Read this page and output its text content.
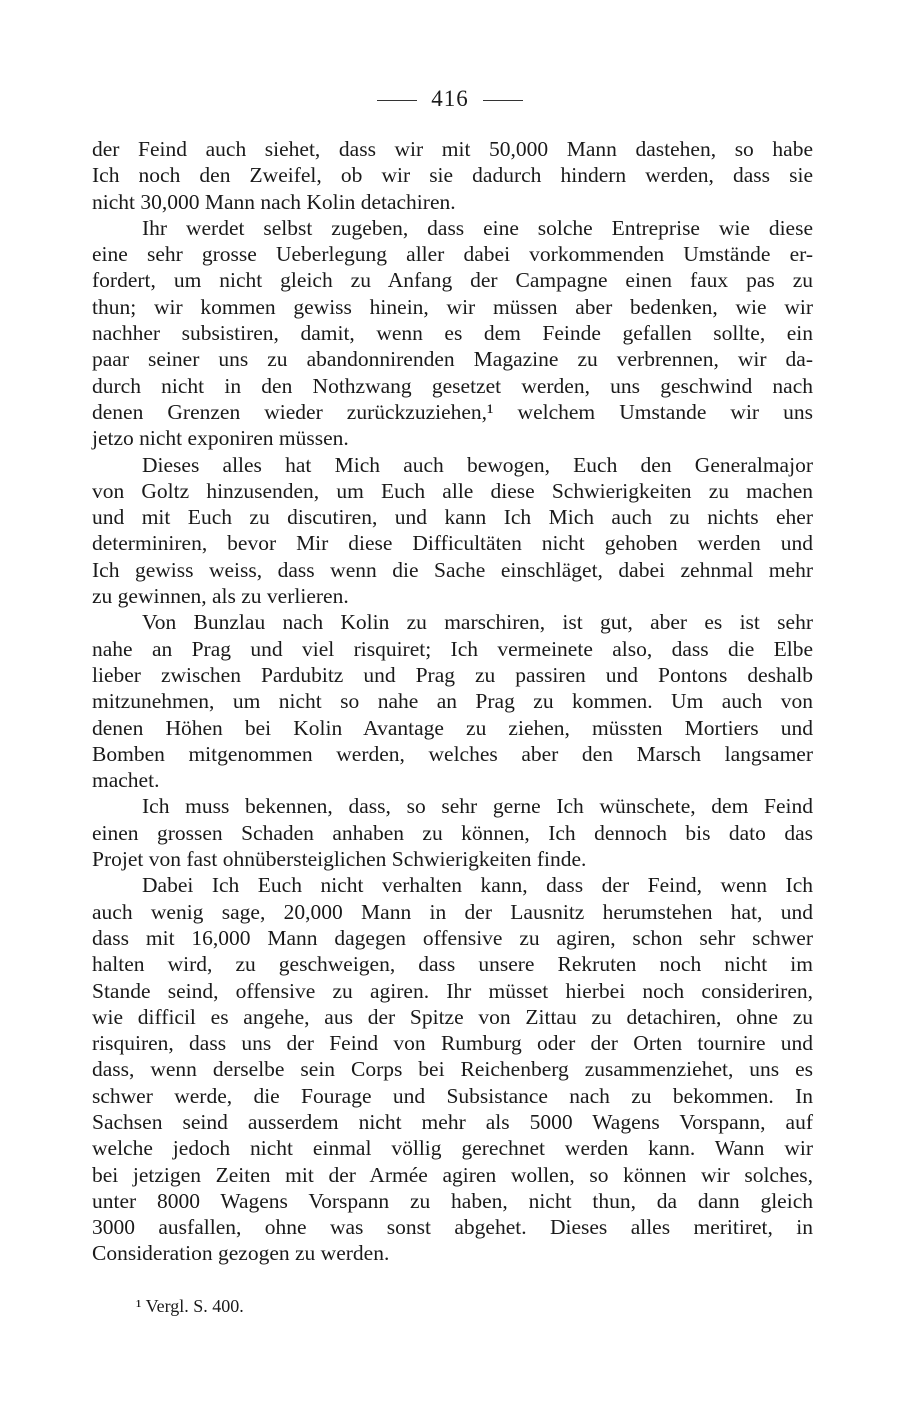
416
der Feind auch siehet, dass wir mit 50,000 Mann dastehen, so habe
Ich noch den Zweifel, ob wir sie dadurch hindern werden, dass sie
nicht 30,000 Mann nach Kolin detachiren.
Ihr werdet selbst zugeben, dass eine solche Entreprise wie diese
eine sehr grosse Ueberlegung aller dabei vorkommenden Umstände er-
fordert, um nicht gleich zu Anfang der Campagne einen faux pas zu
thun; wir kommen gewiss hinein, wir müssen aber bedenken, wie wir
nachher subsistiren, damit, wenn es dem Feinde gefallen sollte, ein
paar seiner uns zu abandonnirenden Magazine zu verbrennen, wir da-
durch nicht in den Nothzwang gesetzet werden, uns geschwind nach
denen Grenzen wieder zurückzuziehen,¹ welchem Umstande wir uns
jetzo nicht exponiren müssen.
Dieses alles hat Mich auch bewogen, Euch den Generalmajor
von Goltz hinzusenden, um Euch alle diese Schwierigkeiten zu machen
und mit Euch zu discutiren, und kann Ich Mich auch zu nichts eher
determiniren, bevor Mir diese Difficultäten nicht gehoben werden und
Ich gewiss weiss, dass wenn die Sache einschläget, dabei zehnmal mehr
zu gewinnen, als zu verlieren.
Von Bunzlau nach Kolin zu marschiren, ist gut, aber es ist sehr
nahe an Prag und viel risquiret; Ich vermeinete also, dass die Elbe
lieber zwischen Pardubitz und Prag zu passiren und Pontons deshalb
mitzunehmen, um nicht so nahe an Prag zu kommen. Um auch von
denen Höhen bei Kolin Avantage zu ziehen, müssten Mortiers und
Bomben mitgenommen werden, welches aber den Marsch langsamer
machet.
Ich muss bekennen, dass, so sehr gerne Ich wünschete, dem Feind
einen grossen Schaden anhaben zu können, Ich dennoch bis dato das
Projet von fast ohnübersteiglichen Schwierigkeiten finde.
Dabei Ich Euch nicht verhalten kann, dass der Feind, wenn Ich
auch wenig sage, 20,000 Mann in der Lausnitz herumstehen hat, und
dass mit 16,000 Mann dagegen offensive zu agiren, schon sehr schwer
halten wird, zu geschweigen, dass unsere Rekruten noch nicht im
Stande seind, offensive zu agiren. Ihr müsset hierbei noch consideriren,
wie difficil es angehe, aus der Spitze von Zittau zu detachiren, ohne zu
risquiren, dass uns der Feind von Rumburg oder der Orten tournire und
dass, wenn derselbe sein Corps bei Reichenberg zusammenziehet, uns es
schwer werde, die Fourage und Subsistance nach zu bekommen. In
Sachsen seind ausserdem nicht mehr als 5000 Wagens Vorspann, auf
welche jedoch nicht einmal völlig gerechnet werden kann. Wann wir
bei jetzigen Zeiten mit der Armée agiren wollen, so können wir solches,
unter 8000 Wagens Vorspann zu haben, nicht thun, da dann gleich
3000 ausfallen, ohne was sonst abgehet. Dieses alles meritiret, in
Consideration gezogen zu werden.
¹ Vergl. S. 400.
